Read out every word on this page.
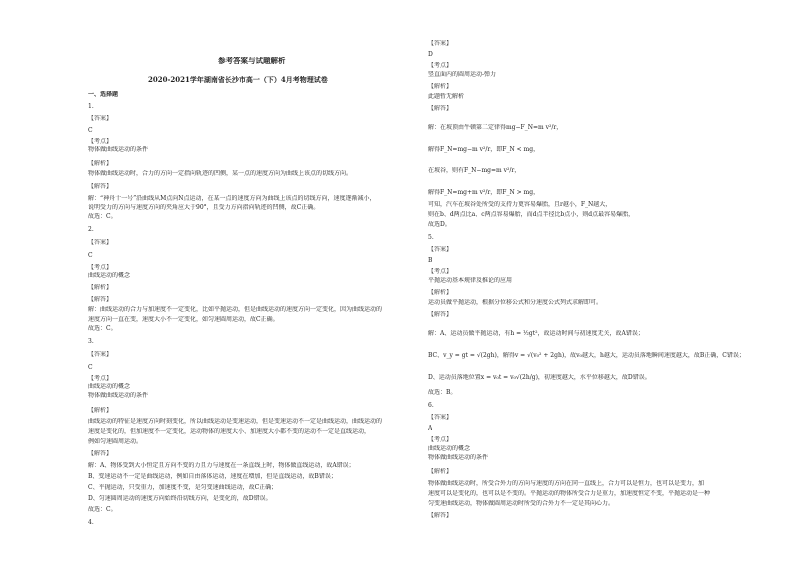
参考答案与试题解析
2020-2021学年湖南省长沙市高一（下）4月考物理试卷
一、选择题
1.
【答案】
C
【考点】
物体做曲线运动的条件
【解析】
物体做曲线运动时，合力的方向一定指向轨迹的凹侧，某一点的速度方向为曲线上该点的切线方向。
【解答】
解：“神舟十一号”沿曲线从M点向N点运动，在某一点的速度方向为曲线上该点的切线方向，速度逐渐减小，
说明受力的方向与速度方向的夹角应大于90°，且受力方向指向轨迹的凹侧，故C正确。
故选：C。
2.
【答案】
C
【考点】
曲线运动的概念
【解析】
【解答】
解：曲线运动的合力与加速度不一定变化，比如平抛运动，但是曲线运动的速度方向一定变化，因为曲线运动的
速度方向一直在变，速度大小不一定变化，如匀速圆周运动，故C正确。
故选：C。
3.
【答案】
C
【考点】
曲线运动的概念
物体做曲线运动的条件
【解析】
曲线运动的特征是速度方向时刻变化，所以曲线运动是变速运动，但是变速运动不一定是曲线运动，曲线运动的
速度是变化的，但加速度不一定变化，运动物体的速度大小、加速度大小都不变的运动不一定是直线运动，
例如匀速圆周运动。
【解答】
解：A、物体受到大小恒定且方向不变的力且力与速度在一条直线上时，物体做直线运动，故A错误；
B、变速运动不一定是曲线运动，例如自由落体运动，速度在增加，但是直线运动，故B错误；
C、平抛运动，只受重力，加速度不变，是匀变速曲线运动，故C正确；
D、匀速圆周运动的速度方向始终沿切线方向，是变化的，故D错误。
故选：C。
4.
【答案】
D
【考点】
竖直面内的圆周运动-弹力
【解析】
此题暂无解析
【解答】
解：在坡顶由牛顿第二定律得mg−F_N=m v²/r，
解得F_N=mg−m v²/r，即F_N < mg，
在坡谷，则有F_N−mg=m v²/r，
解得F_N=mg+m v²/r，即F_N > mg，
可知，汽车在坡谷处所受的支持力更容易爆胎，且r越小，F_N越大，
则在b、d两点比a、c两点容易爆胎，而d点半径比b点小，则d点最容易爆胎，
故选D。
5.
【答案】
B
【考点】
平抛运动基本规律及推论的应用
【解析】
运动员做平抛运动，根据分位移公式和分速度公式列式求解即可。
【解答】
解：A、运动员做平抛运动，有h = ½gt²，故运动时间与初速度无关，故A错误；
BC、v_y = gt = √(2gh)，解得v = √(v₀² + 2gh)，故v₀越大，h越大，运动员落地瞬间速度越大，故B正确，C错误；
D、运动员落地位置x = v₀t = v₀√(2h/g)，初速度越大，水平位移越大，故D错误。
故选：B。
6.
【答案】
A
【考点】
曲线运动的概念
物体做曲线运动的条件
【解析】
物体做曲线运动时，所受合外力的方向与速度的方向在同一直线上，合力可以是恒力，也可以是变力，加
速度可以是变化的，也可以是不变的。平抛运动的物体所受合力是重力，加速度恒定不变，平抛运动是一种
匀变速曲线运动，物体做圆周运动时所受的合外力不一定是其向心力。
【解答】
